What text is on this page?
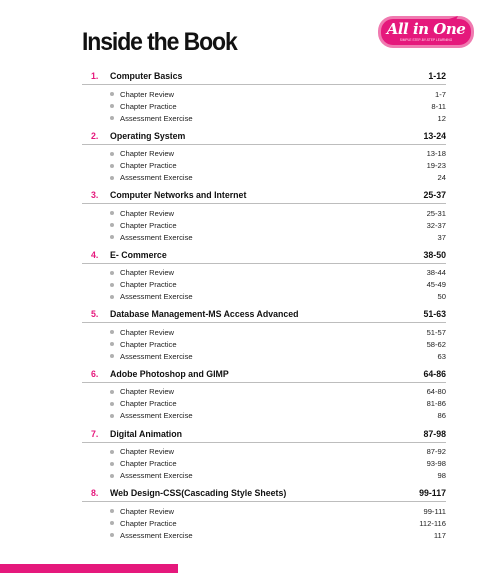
Inside the Book	All in One
SIMPLE STEP-BY-STEP LEARNING
1.	Computer Basics	1-12
Chapter Review	1-7
Chapter Practice	8-11
Assessment Exercise	12
2.	Operating System	13-24
Chapter Review	13-18
Chapter Practice	19-23
Assessment Exercise	24
3.	Computer Networks and Internet	25-37
Chapter Review	25-31
Chapter Practice	32-37
Assessment Exercise	37
4.	E- Commerce	38-50
Chapter Review	38-44
Chapter Practice	45-49
Assessment Exercise	50
5.	Database Management-MS Access Advanced	51-63
Chapter Review	51-57
Chapter Practice	58-62
Assessment Exercise	63
6.	Adobe Photoshop and GIMP	64-86
Chapter Review	64-80
Chapter Practice	81-86
Assessment Exercise	86
7.	Digital Animation	87-98
Chapter Review	87-92
Chapter Practice	93-98
Assessment Exercise	98
8.	Web Design-CSS(Cascading Style Sheets)	99-117
Chapter Review	99-111
Chapter Practice	112-116
Assessment Exercise	117
